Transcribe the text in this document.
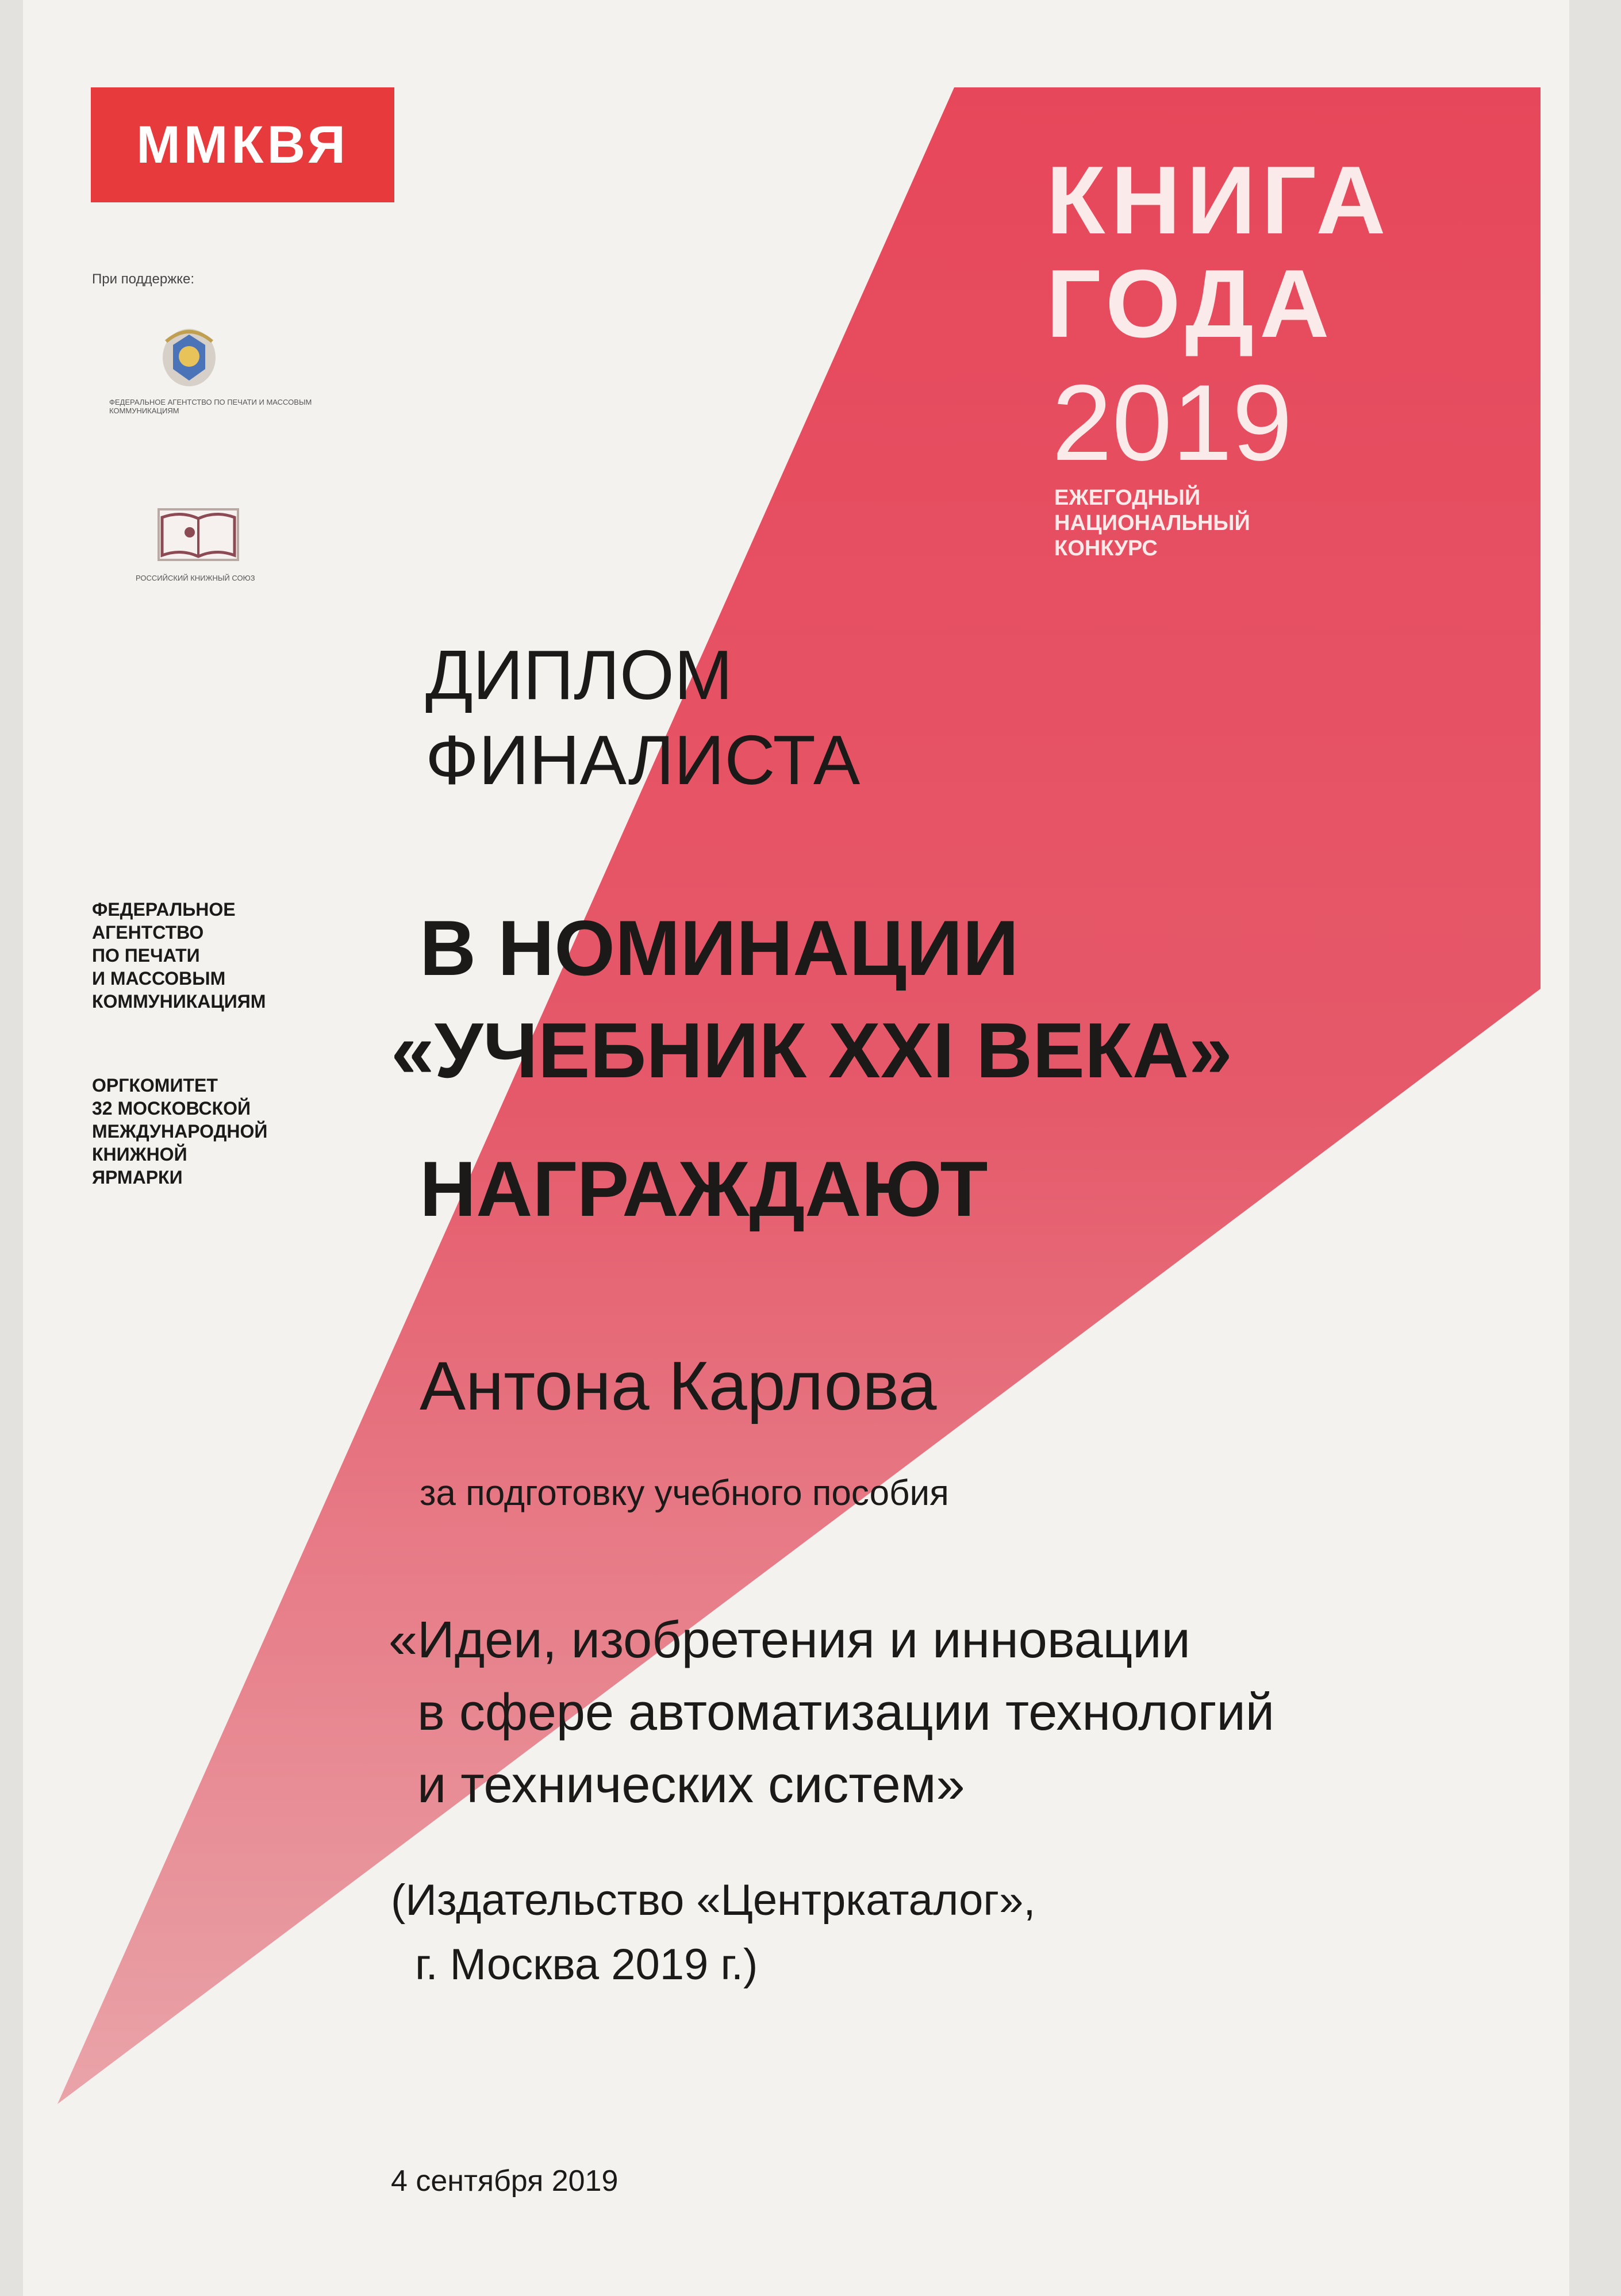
ММКВЯ

При поддержке:

ФЕДЕРАЛЬНОЕ АГЕНТСТВО ПО ПЕЧАТИ И МАССОВЫМ КОММУНИКАЦИЯМ

РОССИЙСКИЙ КНИЖНЫЙ СОЮЗ

КНИГА
ГОДА
2019
ЕЖЕГОДНЫЙ
НАЦИОНАЛЬНЫЙ
КОНКУРС
ДИПЛОМ
ФИНАЛИСТА
ФЕДЕРАЛЬНОЕ
АГЕНТСТВО
ПО ПЕЧАТИ
И МАССОВЫМ
КОММУНИКАЦИЯМ
ОРГКОМИТЕТ
32 МОСКОВСКОЙ
МЕЖДУНАРОДНОЙ
КНИЖНОЙ
ЯРМАРКИ
В НОМИНАЦИИ
«УЧЕБНИК XXI ВЕКА»
НАГРАЖДАЮТ
Антона Карлова
за подготовку учебного пособия
«Идеи, изобретения и инновации
в сфере автоматизации технологий
и технических систем»
(Издательство «Центркаталог»,
г. Москва 2019 г.)
4 сентября 2019
